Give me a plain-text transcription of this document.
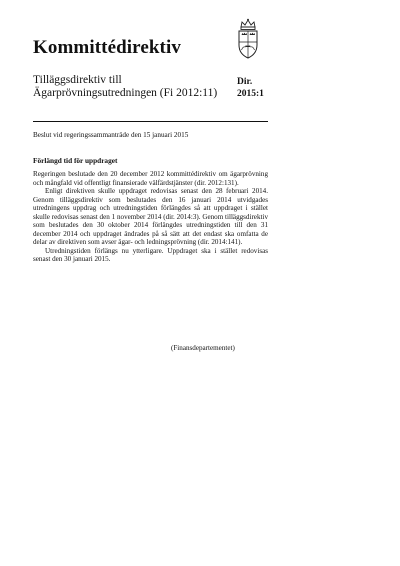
Kommittédirektiv
Tilläggsdirektiv till Ägarprövningsutredningen (Fi 2012:11)
Dir.
2015:1
Beslut vid regeringssammanträde den 15 januari 2015
Förlängd tid för uppdraget

Regeringen beslutade den 20 december 2012 kommittédirektiv om ägarprövning och mångfald vid offentligt finansierade välfärdstjänster (dir. 2012:131).

Enligt direktiven skulle uppdraget redovisas senast den 28 februari 2014. Genom tilläggsdirektiv som beslutades den 16 januari 2014 utvidgades utredningens uppdrag och utredningstiden förlängdes så att uppdraget i stället skulle redovisas senast den 1 november 2014 (dir. 2014:3). Genom tilläggsdirektiv som beslutades den 30 oktober 2014 förlängdes utredningstiden till den 31 december 2014 och uppdraget ändrades på så sätt att det endast ska omfatta de delar av direktiven som avser ägar- och ledningsprövning (dir. 2014:141).

Utredningstiden förlängs nu ytterligare. Uppdraget ska i stället redovisas senast den 30 januari 2015.

(Finansdepartementet)
